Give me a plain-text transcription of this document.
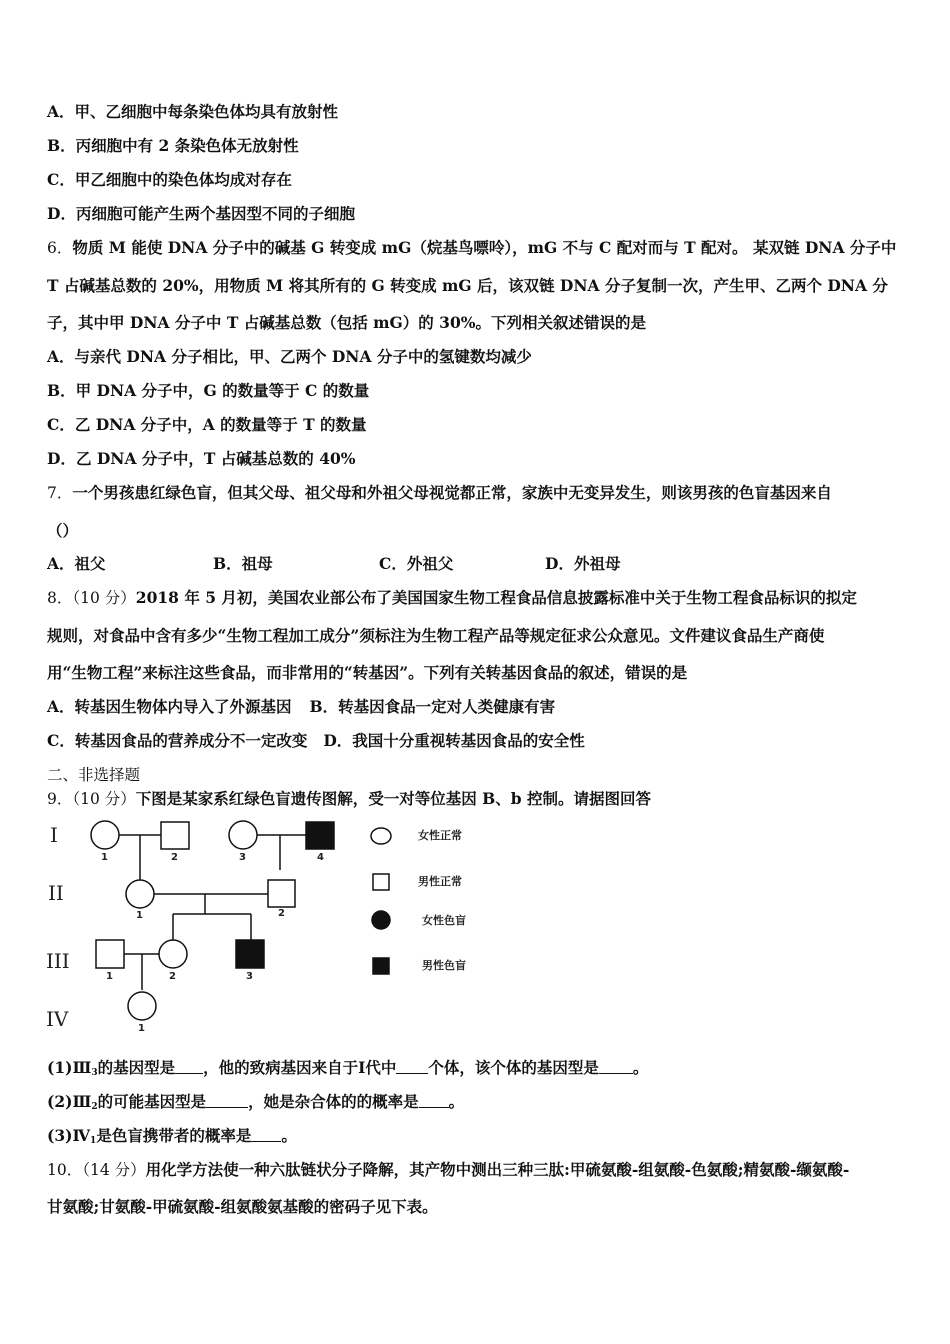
A．甲、乙细胞中每条染色体均具有放射性
B．丙细胞中有 2 条染色体无放射性
C．甲乙细胞中的染色体均成对存在
D．丙细胞可能产生两个基因型不同的子细胞
6．物质 M 能使 DNA 分子中的碱基 G 转变成 mG（烷基鸟嘌呤），mG 不与 C 配对而与 T 配对。 某双链 DNA 分子中
T 占碱基总数的 20%，用物质 M 将其所有的 G 转变成 mG 后，该双链 DNA 分子复制一次，产生甲、乙两个 DNA 分
子，其中甲 DNA 分子中 T 占碱基总数（包括 mG）的 30%。下列相关叙述错误的是
A．与亲代 DNA 分子相比，甲、乙两个 DNA 分子中的氢键数均减少
B．甲 DNA 分子中，G 的数量等于 C 的数量
C．乙 DNA 分子中，A 的数量等于 T 的数量
D．乙 DNA 分子中，T 占碱基总数的 40%
7．一个男孩患红绿色盲，但其父母、祖父母和外祖父母视觉都正常，家族中无变异发生，则该男孩的色盲基因来自
（）
A．祖父	B．祖母	C．外祖父	D．外祖母
8．（10 分）2018 年 5 月初，美国农业部公布了美国国家生物工程食品信息披露标准中关于生物工程食品标识的拟定
规则，对食品中含有多少“生物工程加工成分”须标注为生物工程产品等规定征求公众意见。文件建议食品生产商使
用“生物工程”来标注这些食品，而非常用的“转基因”。下列有关转基因食品的叙述，错误的是
A．转基因生物体内导入了外源基因 B．转基因食品一定对人类健康有害
C．转基因食品的营养成分不一定改变 D．我国十分重视转基因食品的安全性
二、非选择题
9．（10 分）下图是某家系红绿色盲遗传图解，受一对等位基因 B、b 控制。请据图回答
I
II
III
IV
1	2	3	4
1	2
1	2	3
1
女性正常
男性正常
女性色盲
男性色盲
$(1)Ⅲ_3$的基因型是 ，他的致病基因来自于Ⅰ代中 个体，该个体的基因型是 。
$(2)Ⅲ_2$的可能基因型是	，她是杂合体的的概率是 。
$(3)Ⅳ_1$是色盲携带者的概率是 。
10．（14 分）用化学方法使一种六肽链状分子降解，其产物中测出三种三肽:甲硫氨酸-组氨酸-色氨酸;精氨酸-缬氨酸-
甘氨酸;甘氨酸-甲硫氨酸-组氨酸氨基酸的密码子见下表。
